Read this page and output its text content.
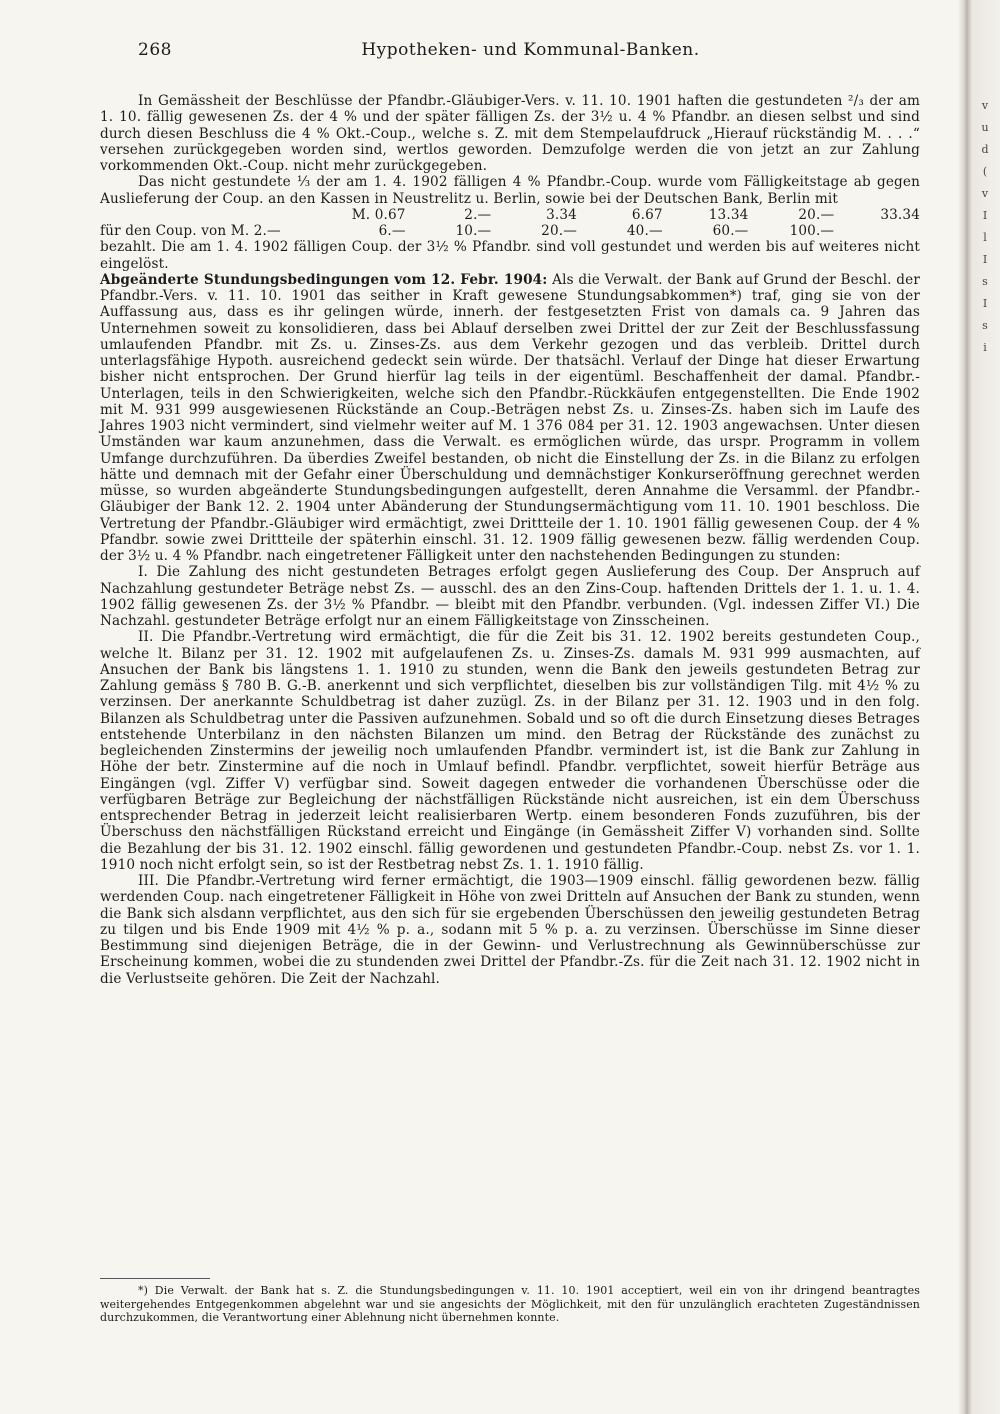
v
u
d
(
v
I
l
I
s
I
s
i
268	Hypotheken- und Kommunal-Banken.

In Gemässheit der Beschlüsse der Pfandbr.-Gläubiger-Vers. v. 11. 10. 1901 haften die gestundeten ²/₃ der am 1. 10. fällig gewesenen Zs. der 4 % und der später fälligen Zs. der 3½ u. 4 % Pfandbr. an diesen selbst und sind durch diesen Beschluss die 4 % Okt.-Coup., welche s. Z. mit dem Stempelaufdruck „Hierauf rückständig M. . . .“ versehen zurückgegeben worden sind, wertlos geworden. Demzufolge werden die von jetzt an zur Zahlung vorkommenden Okt.-Coup. nicht mehr zurückgegeben.

Das nicht gestundete ⅓ der am 1. 4. 1902 fälligen 4 % Pfandbr.-Coup. wurde vom Fälligkeitstage ab gegen Auslieferung der Coup. an den Kassen in Neustrelitz u. Berlin, sowie bei der Deutschen Bank, Berlin mit

	M. 0.67	2.—	3.34	6.67	13.34	20.—	33.34
für den Coup. von M. 2.—	6.—	10.—	20.—	40.—	60.—	100.—	

bezahlt. Die am 1. 4. 1902 fälligen Coup. der 3½ % Pfandbr. sind voll gestundet und werden bis auf weiteres nicht eingelöst.

Abgeänderte Stundungsbedingungen vom 12. Febr. 1904: Als die Verwalt. der Bank auf Grund der Beschl. der Pfandbr.-Vers. v. 11. 10. 1901 das seither in Kraft gewesene Stundungsabkommen*) traf, ging sie von der Auffassung aus, dass es ihr gelingen würde, innerh. der festgesetzten Frist von damals ca. 9 Jahren das Unternehmen soweit zu konsolidieren, dass bei Ablauf derselben zwei Drittel der zur Zeit der Beschlussfassung umlaufenden Pfandbr. mit Zs. u. Zinses-Zs. aus dem Verkehr gezogen und das verbleib. Drittel durch unterlagsfähige Hypoth. ausreichend gedeckt sein würde. Der thatsächl. Verlauf der Dinge hat dieser Erwartung bisher nicht entsprochen. Der Grund hierfür lag teils in der eigentüml. Beschaffenheit der damal. Pfandbr.-Unterlagen, teils in den Schwierigkeiten, welche sich den Pfandbr.-Rückkäufen entgegenstellten. Die Ende 1902 mit M. 931 999 ausgewiesenen Rückstände an Coup.-Beträgen nebst Zs. u. Zinses-Zs. haben sich im Laufe des Jahres 1903 nicht vermindert, sind vielmehr weiter auf M. 1 376 084 per 31. 12. 1903 angewachsen. Unter diesen Umständen war kaum anzunehmen, dass die Verwalt. es ermöglichen würde, das urspr. Programm in vollem Umfange durchzuführen. Da überdies Zweifel bestanden, ob nicht die Einstellung der Zs. in die Bilanz zu erfolgen hätte und demnach mit der Gefahr einer Überschuldung und demnächstiger Konkurseröffnung gerechnet werden müsse, so wurden abgeänderte Stundungsbedingungen aufgestellt, deren Annahme die Versamml. der Pfandbr.-Gläubiger der Bank 12. 2. 1904 unter Abänderung der Stundungsermächtigung vom 11. 10. 1901 beschloss. Die Vertretung der Pfandbr.-Gläubiger wird ermächtigt, zwei Drittteile der 1. 10. 1901 fällig gewesenen Coup. der 4 % Pfandbr. sowie zwei Drittteile der späterhin einschl. 31. 12. 1909 fällig gewesenen bezw. fällig werdenden Coup. der 3½ u. 4 % Pfandbr. nach eingetretener Fälligkeit unter den nachstehenden Bedingungen zu stunden:

I. Die Zahlung des nicht gestundeten Betrages erfolgt gegen Auslieferung des Coup. Der Anspruch auf Nachzahlung gestundeter Beträge nebst Zs. — ausschl. des an den Zins-Coup. haftenden Drittels der 1. 1. u. 1. 4. 1902 fällig gewesenen Zs. der 3½ % Pfandbr. — bleibt mit den Pfandbr. verbunden. (Vgl. indessen Ziffer VI.) Die Nachzahl. gestundeter Beträge erfolgt nur an einem Fälligkeitstage von Zinsscheinen.

II. Die Pfandbr.-Vertretung wird ermächtigt, die für die Zeit bis 31. 12. 1902 bereits gestundeten Coup., welche lt. Bilanz per 31. 12. 1902 mit aufgelaufenen Zs. u. Zinses-Zs. damals M. 931 999 ausmachten, auf Ansuchen der Bank bis längstens 1. 1. 1910 zu stunden, wenn die Bank den jeweils gestundeten Betrag zur Zahlung gemäss § 780 B. G.-B. anerkennt und sich verpflichtet, dieselben bis zur vollständigen Tilg. mit 4½ % zu verzinsen. Der anerkannte Schuldbetrag ist daher zuzügl. Zs. in der Bilanz per 31. 12. 1903 und in den folg. Bilanzen als Schuldbetrag unter die Passiven aufzunehmen. Sobald und so oft die durch Einsetzung dieses Betrages entstehende Unterbilanz in den nächsten Bilanzen um mind. den Betrag der Rückstände des zunächst zu begleichenden Zinstermins der jeweilig noch umlaufenden Pfandbr. vermindert ist, ist die Bank zur Zahlung in Höhe der betr. Zinstermine auf die noch in Umlauf befindl. Pfandbr. verpflichtet, soweit hierfür Beträge aus Eingängen (vgl. Ziffer V) verfügbar sind. Soweit dagegen entweder die vorhandenen Überschüsse oder die verfügbaren Beträge zur Begleichung der nächstfälligen Rückstände nicht ausreichen, ist ein dem Überschuss entsprechender Betrag in jederzeit leicht realisierbaren Wertp. einem besonderen Fonds zuzuführen, bis der Überschuss den nächstfälligen Rückstand erreicht und Eingänge (in Gemässheit Ziffer V) vorhanden sind. Sollte die Bezahlung der bis 31. 12. 1902 einschl. fällig gewordenen und gestundeten Pfandbr.-Coup. nebst Zs. vor 1. 1. 1910 noch nicht erfolgt sein, so ist der Restbetrag nebst Zs. 1. 1. 1910 fällig.

III. Die Pfandbr.-Vertretung wird ferner ermächtigt, die 1903—1909 einschl. fällig gewordenen bezw. fällig werdenden Coup. nach eingetretener Fälligkeit in Höhe von zwei Dritteln auf Ansuchen der Bank zu stunden, wenn die Bank sich alsdann verpflichtet, aus den sich für sie ergebenden Überschüssen den jeweilig gestundeten Betrag zu tilgen und bis Ende 1909 mit 4½ % p. a., sodann mit 5 % p. a. zu verzinsen. Überschüsse im Sinne dieser Bestimmung sind diejenigen Beträge, die in der Gewinn- und Verlustrechnung als Gewinnüberschüsse zur Erscheinung kommen, wobei die zu stundenden zwei Drittel der Pfandbr.-Zs. für die Zeit nach 31. 12. 1902 nicht in die Verlustseite gehören. Die Zeit der Nachzahl.

*) Die Verwalt. der Bank hat s. Z. die Stundungsbedingungen v. 11. 10. 1901 acceptiert, weil ein von ihr dringend beantragtes weitergehendes Entgegenkommen abgelehnt war und sie angesichts der Möglichkeit, mit den für unzulänglich erachteten Zugeständnissen durchzukommen, die Verantwortung einer Ablehnung nicht übernehmen konnte.
